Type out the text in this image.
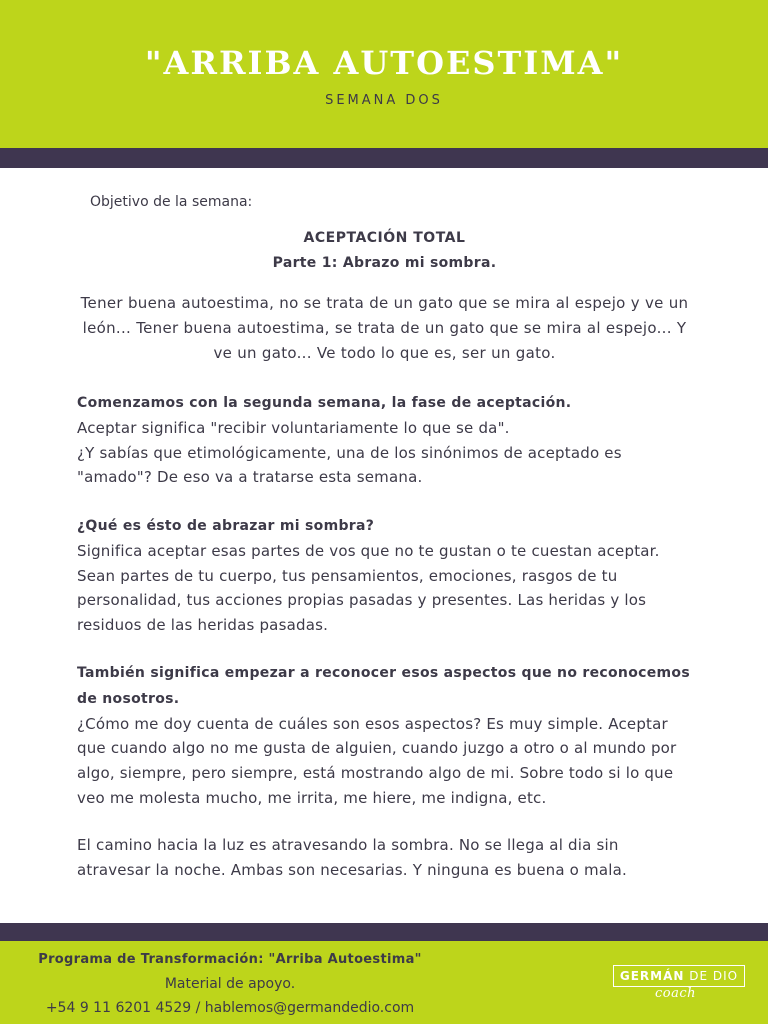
"ARRIBA AUTOESTIMA"
SEMANA DOS
Objetivo de la semana:
ACEPTACIÓN TOTAL
Parte 1: Abrazo mi sombra.
Tener buena autoestima, no se trata de un gato que se mira al espejo y ve un león... Tener buena autoestima, se trata de un gato que se mira al espejo... Y ve un gato... Ve todo lo que es, ser un gato.
Comenzamos con la segunda semana, la fase de aceptación.
Aceptar significa "recibir voluntariamente lo que se da".
¿Y sabías que etimológicamente, una de los sinónimos de aceptado es "amado"? De eso va a tratarse esta semana.
¿Qué es ésto de abrazar mi sombra?
Significa aceptar esas partes de vos que no te gustan o te cuestan aceptar. Sean partes de tu cuerpo, tus pensamientos, emociones, rasgos de tu personalidad, tus acciones propias pasadas y presentes. Las heridas y los residuos de las heridas pasadas.
También significa empezar a reconocer esos aspectos que no reconocemos de nosotros.
¿Cómo me doy cuenta de cuáles son esos aspectos? Es muy simple. Aceptar que cuando algo no me gusta de alguien, cuando juzgo a otro o al mundo por algo, siempre, pero siempre, está mostrando algo de mi. Sobre todo si lo que veo me molesta mucho, me irrita, me hiere, me indigna, etc.
El camino hacia la luz es atravesando la sombra. No se llega al dia sin atravesar la noche. Ambas son necesarias. Y ninguna es buena o mala.
Programa de Transformación: "Arriba Autoestima"
Material de apoyo.
+54 9 11 6201 4529 / hablemos@germandedio.com
GERMÁN DE DIO
coach
